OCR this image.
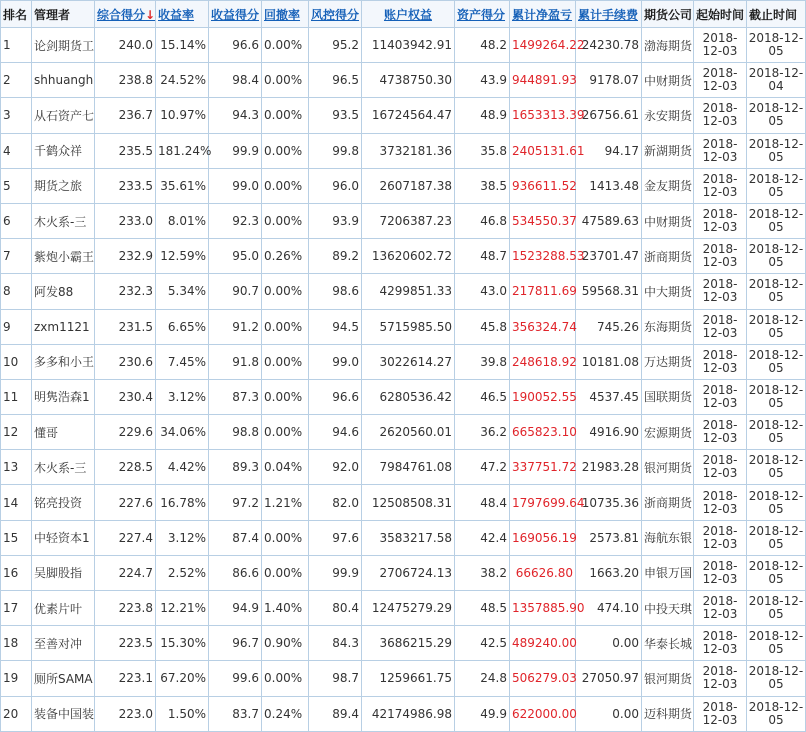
排名	管理者	综合得分↓	收益率	收益得分	回撤率	风控得分	账户权益	资产得分	累计净盈亏	累计手续费	期货公司	起始时间	截止时间
1	论剑期货工	240.0	15.14%	96.6	0.00%	95.2	11403942.91	48.2	1499264.22	24230.78	渤海期货	2018-12-03	2018-12-05
2	shhuangh	238.8	24.52%	98.4	0.00%	96.5	4738750.30	43.9	944891.93	9178.07	中财期货	2018-12-03	2018-12-04
3	从石资产七	236.7	10.97%	94.3	0.00%	93.5	16724564.47	48.9	1653313.39	26756.61	永安期货	2018-12-03	2018-12-05
4	千鹤众祥	235.5	181.24%	99.9	0.00%	99.8	3732181.36	35.8	2405131.61	94.17	新湖期货	2018-12-03	2018-12-05
5	期货之旅	233.5	35.61%	99.0	0.00%	96.0	2607187.38	38.5	936611.52	1413.48	金友期货	2018-12-03	2018-12-05
6	木火系-三	233.0	8.01%	92.3	0.00%	93.9	7206387.23	46.8	534550.37	47589.63	中财期货	2018-12-03	2018-12-05
7	紫炮小霸王	232.9	12.59%	95.0	0.26%	89.2	13620602.72	48.7	1523288.53	23701.47	浙商期货	2018-12-03	2018-12-05
8	阿发88	232.3	5.34%	90.7	0.00%	98.6	4299851.33	43.0	217811.69	59568.31	中大期货	2018-12-03	2018-12-05
9	zxm1121	231.5	6.65%	91.2	0.00%	94.5	5715985.50	45.8	356324.74	745.26	东海期货	2018-12-03	2018-12-05
10	多多和小王	230.6	7.45%	91.8	0.00%	99.0	3022614.27	39.8	248618.92	10181.08	万达期货	2018-12-03	2018-12-05
11	明隽浩森1	230.4	3.12%	87.3	0.00%	96.6	6280536.42	46.5	190052.55	4537.45	国联期货	2018-12-03	2018-12-05
12	懂哥	229.6	34.06%	98.8	0.00%	94.6	2620560.01	36.2	665823.10	4916.90	宏源期货	2018-12-03	2018-12-05
13	木火系-三	228.5	4.42%	89.3	0.04%	92.0	7984761.08	47.2	337751.72	21983.28	银河期货	2018-12-03	2018-12-05
14	铭亮投资	227.6	16.78%	97.2	1.21%	82.0	12508508.31	48.4	1797699.64	10735.36	浙商期货	2018-12-03	2018-12-05
15	中轻资本1	227.4	3.12%	87.4	0.00%	97.6	3583217.58	42.4	169056.19	2573.81	海航东银	2018-12-03	2018-12-05
16	吴脚股指	224.7	2.52%	86.6	0.00%	99.9	2706724.13	38.2	66626.80	1663.20	申银万国	2018-12-03	2018-12-05
17	优素片叶	223.8	12.21%	94.9	1.40%	80.4	12475279.29	48.5	1357885.90	474.10	中投天琪	2018-12-03	2018-12-05
18	至善对冲	223.5	15.30%	96.7	0.90%	84.3	3686215.29	42.5	489240.00	0.00	华泰长城	2018-12-03	2018-12-05
19	厕所SAMA	223.1	67.20%	99.6	0.00%	98.7	1259661.75	24.8	506279.03	27050.97	银河期货	2018-12-03	2018-12-05
20	装备中国装	223.0	1.50%	83.7	0.24%	89.4	42174986.98	49.9	622000.00	0.00	迈科期货	2018-12-03	2018-12-05
